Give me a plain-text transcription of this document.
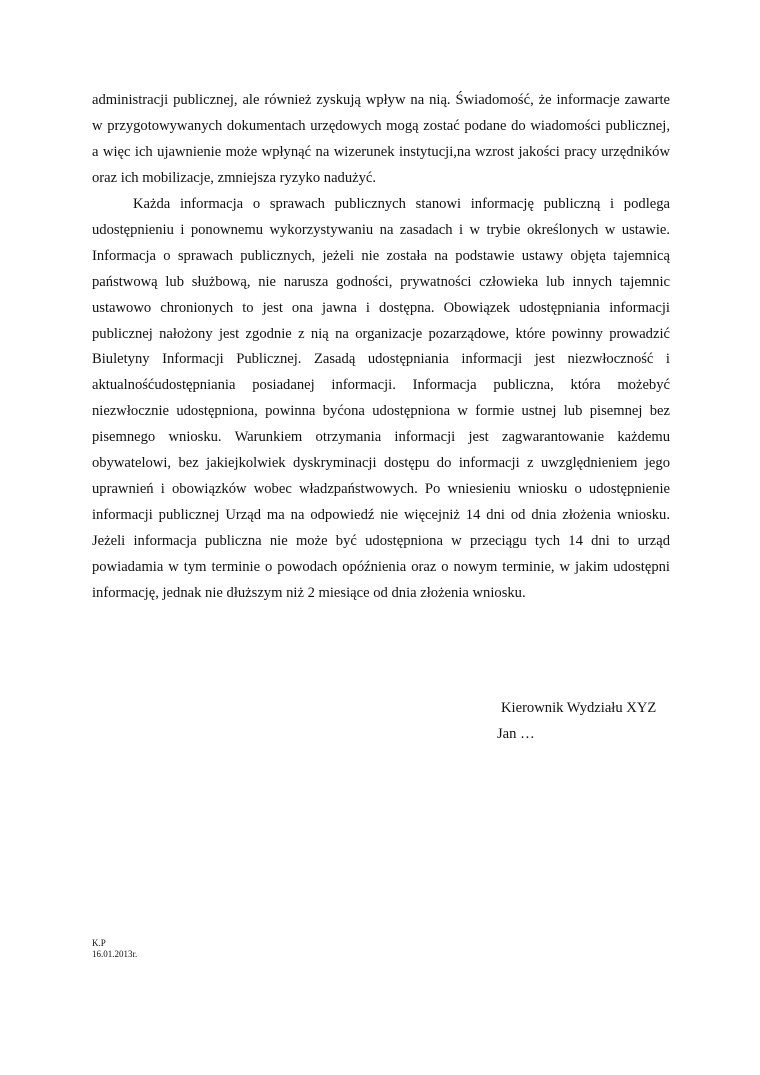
administracji publicznej, ale również zyskują wpływ na nią. Świadomość, że informacje zawarte w przygotowywanych dokumentach urzędowych mogą zostać podane do wiadomości publicznej, a więc ich ujawnienie może wpłynąć na wizerunek instytucji,na wzrost jakości pracy urzędników oraz ich mobilizacje, zmniejsza ryzyko nadużyć.

Każda informacja o sprawach publicznych stanowi informację publiczną i podlega udostępnieniu i ponownemu wykorzystywaniu na zasadach i w trybie określonych w ustawie. Informacja o sprawach publicznych, jeżeli nie została na podstawie ustawy objęta tajemnicą państwową lub służbową, nie narusza godności, prywatności człowieka lub innych tajemnic ustawowo chronionych to jest ona jawna i dostępna. Obowiązek udostępniania informacji publicznej nałożony jest zgodnie z nią na organizacje pozarządowe, które powinny prowadzić Biuletyny Informacji Publicznej. Zasadą udostępniania informacji jest niezwłoczność i aktualnośćudostępniania posiadanej informacji. Informacja publiczna, która możebyć niezwłocznie udostępniona, powinna byćona udostępniona w formie ustnej lub pisemnej bez pisemnego wniosku. Warunkiem otrzymania informacji jest zagwarantowanie każdemu obywatelowi, bez jakiejkolwiek dyskryminacji dostępu do informacji z uwzględnieniem jego uprawnień i obowiązków wobec władzpaństwowych. Po wniesieniu wniosku o udostępnienie informacji publicznej Urząd ma na odpowiedź nie więcejniż 14 dni od dnia złożenia wniosku. Jeżeli informacja publiczna nie może być udostępniona w przeciągu tych 14 dni to urząd powiadamia w tym terminie o powodach opóźnienia oraz o nowym terminie, w jakim udostępni informację, jednak nie dłuższym niż 2 miesiące od dnia złożenia wniosku.

Kierownik Wydziału XYZ

Jan …

K.P

16.01.2013r.
